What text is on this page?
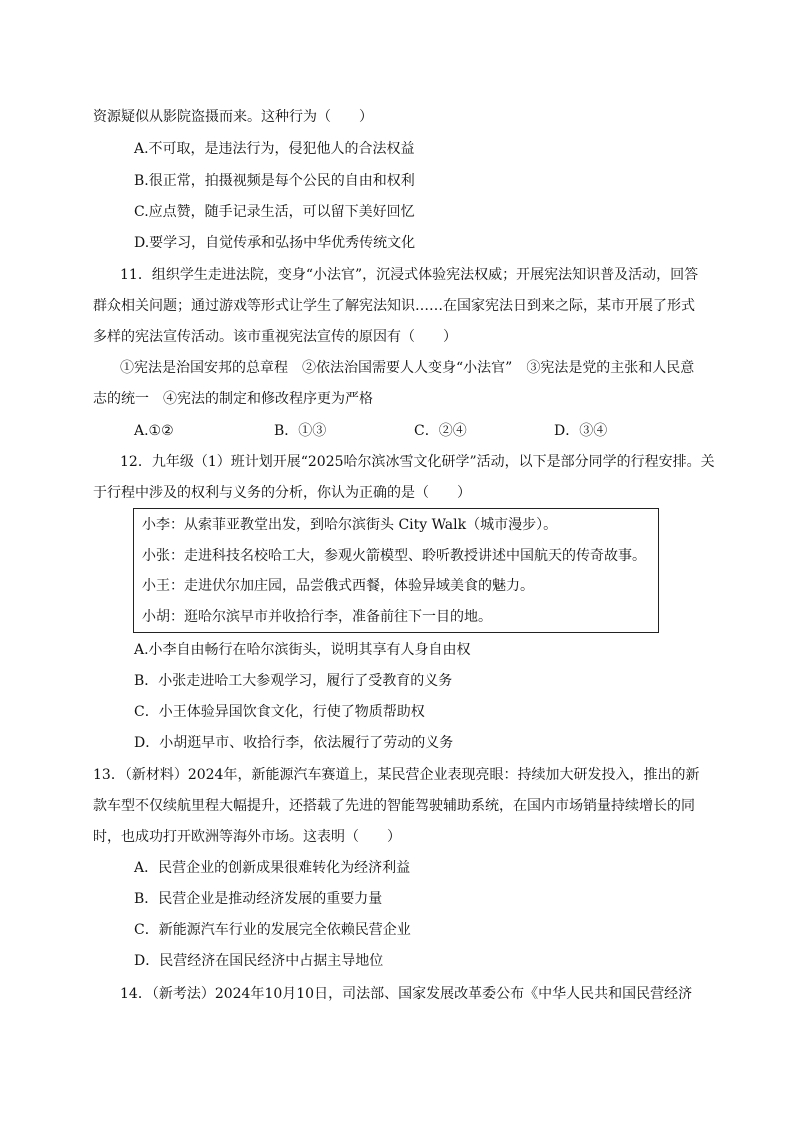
资源疑似从影院盗摄而来。这种行为（　　）
A.不可取，是违法行为，侵犯他人的合法权益
B.很正常，拍摄视频是每个公民的自由和权利
C.应点赞，随手记录生活，可以留下美好回忆
D.要学习，自觉传承和弘扬中华优秀传统文化
11．组织学生走进法院，变身“小法官”，沉浸式体验宪法权威；开展宪法知识普及活动，回答
群众相关问题；通过游戏等形式让学生了解宪法知识……在国家宪法日到来之际，某市开展了形式
多样的宪法宣传活动。该市重视宪法宣传的原因有（　　）
①宪法是治国安邦的总章程　②依法治国需要人人变身“小法官”　③宪法是党的主张和人民意
志的统一　④宪法的制定和修改程序更为严格
A.①②	B．①③	C．②④	D．③④
12．九年级（1）班计划开展“2025哈尔滨冰雪文化研学”活动，以下是部分同学的行程安排。关
于行程中涉及的权利与义务的分析，你认为正确的是（　　）
小李：从索菲亚教堂出发，到哈尔滨街头 City Walk（城市漫步）。
小张：走进科技名校哈工大，参观火箭模型、聆听教授讲述中国航天的传奇故事。
小王：走进伏尔加庄园，品尝俄式西餐，体验异域美食的魅力。
小胡：逛哈尔滨早市并收拾行李，准备前往下一目的地。
A.小李自由畅行在哈尔滨街头，说明其享有人身自由权
B．小张走进哈工大参观学习，履行了受教育的义务
C．小王体验异国饮食文化，行使了物质帮助权
D．小胡逛早市、收拾行李，依法履行了劳动的义务
13．（新材料）2024年，新能源汽车赛道上，某民营企业表现亮眼：持续加大研发投入，推出的新
款车型不仅续航里程大幅提升，还搭载了先进的智能驾驶辅助系统，在国内市场销量持续增长的同
时，也成功打开欧洲等海外市场。这表明（　　）
A．民营企业的创新成果很难转化为经济利益
B．民营企业是推动经济发展的重要力量
C．新能源汽车行业的发展完全依赖民营企业
D．民营经济在国民经济中占据主导地位
14．（新考法）2024年10月10日，司法部、国家发展改革委公布《中华人民共和国民营经济
